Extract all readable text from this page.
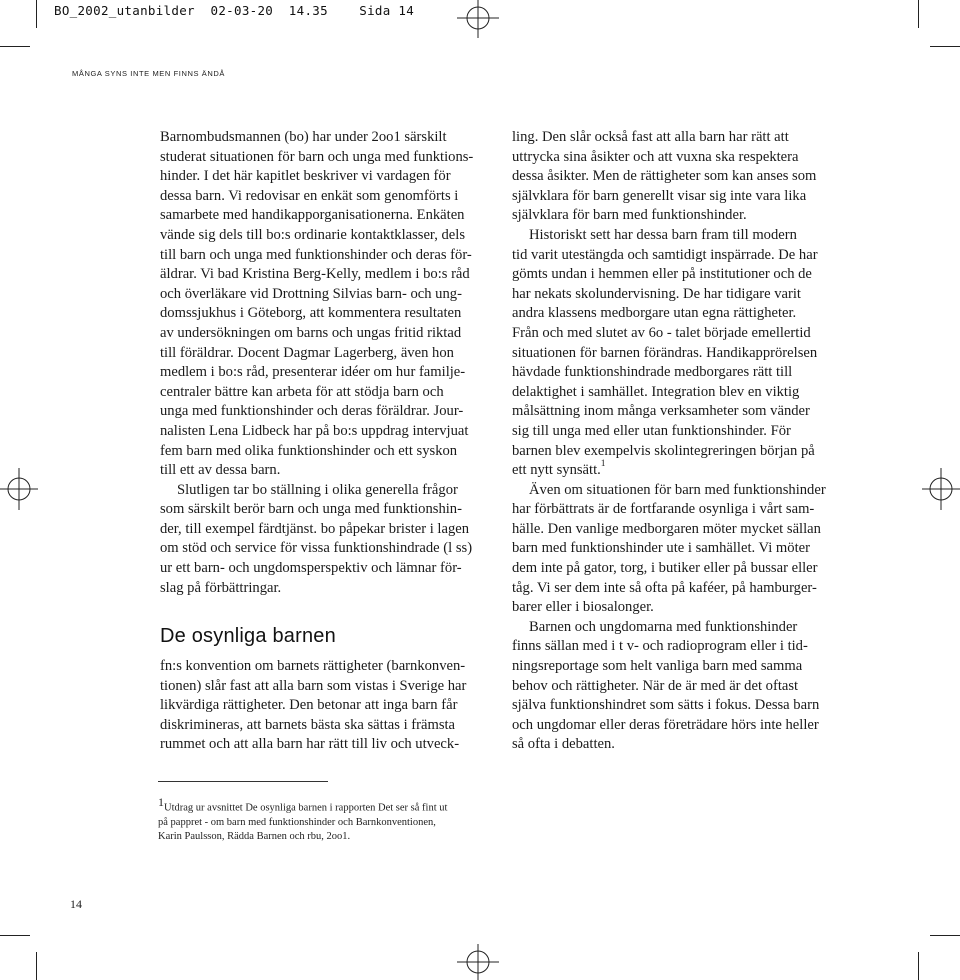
BO_2002_utanbilder 02-03-20 14.35	Sida 14
MÅNGA SYNS INTE MEN FINNS ÄNDÅ

Barnombudsmannen (bo) har under 2oo1 särskilt
studerat situationen för barn och unga med funktions-
hinder. I det här kapitlet beskriver vi vardagen för
dessa barn. Vi redovisar en enkät som genomförts i
samarbete med handikapporganisationerna. Enkäten
vände sig dels till bo:s ordinarie kontaktklasser, dels
till barn och unga med funktionshinder och deras för-
äldrar. Vi bad Kristina Berg-Kelly, medlem i bo:s råd
och överläkare vid Drottning Silvias barn- och ung-
domssjukhus i Göteborg, att kommentera resultaten
av undersökningen om barns och ungas fritid riktad
till föräldrar. Docent Dagmar Lagerberg, även hon
medlem i bo:s råd, presenterar idéer om hur familje-
centraler bättre kan arbeta för att stödja barn och
unga med funktionshinder och deras föräldrar. Jour-
nalisten Lena Lidbeck har på bo:s uppdrag intervjuat
fem barn med olika funktionshinder och ett syskon
till ett av dessa barn.

Slutligen tar bo ställning i olika generella frågor
som särskilt berör barn och unga med funktionshin-
der, till exempel färdtjänst. bo påpekar brister i lagen
om stöd och service för vissa funktionshindrade (l ss)
ur ett barn- och ungdomsperspektiv och lämnar för-
slag på förbättringar.

De osynliga barnen

fn:s konvention om barnets rättigheter (barnkonven-
tionen) slår fast att alla barn som vistas i Sverige har
likvärdiga rättigheter. Den betonar att inga barn får
diskrimineras, att barnets bästa ska sättas i främsta
rummet och att alla barn har rätt till liv och utveck-

ling. Den slår också fast att alla barn har rätt att
uttrycka sina åsikter och att vuxna ska respektera
dessa åsikter. Men de rättigheter som kan anses som
självklara för barn generellt visar sig inte vara lika
självklara för barn med funktionshinder.

Historiskt sett har dessa barn fram till modern
tid varit utestängda och samtidigt inspärrade. De har
gömts undan i hemmen eller på institutioner och de
har nekats skolundervisning. De har tidigare varit
andra klassens medborgare utan egna rättigheter.
Från och med slutet av 6o - talet började emellertid
situationen för barnen förändras. Handikapprörelsen
hävdade funktionshindrade medborgares rätt till
delaktighet i samhället. Integration blev en viktig
målsättning inom många verksamheter som vänder
sig till unga med eller utan funktionshinder. För
barnen blev exempelvis skolintegreringen början på
ett nytt synsätt.$^1$

Även om situationen för barn med funktionshinder
har förbättrats är de fortfarande osynliga i vårt sam-
hälle. Den vanlige medborgaren möter mycket sällan
barn med funktionshinder ute i samhället. Vi möter
dem inte på gator, torg, i butiker eller på bussar eller
tåg. Vi ser dem inte så ofta på kaféer, på hamburger-
barer eller i biosalonger.

Barnen och ungdomarna med funktionshinder
finns sällan med i t v- och radioprogram eller i tid-
ningsreportage som helt vanliga barn med samma
behov och rättigheter. När de är med är det oftast
själva funktionshindret som sätts i fokus. Dessa barn
och ungdomar eller deras företrädare hörs inte heller
så ofta i debatten.

$^1$Utdrag ur avsnittet De osynliga barnen i rapporten Det ser så fint ut
på pappret - om barn med funktionshinder och Barnkonventionen,
Karin Paulsson, Rädda Barnen och rbu, 2oo1.
14
